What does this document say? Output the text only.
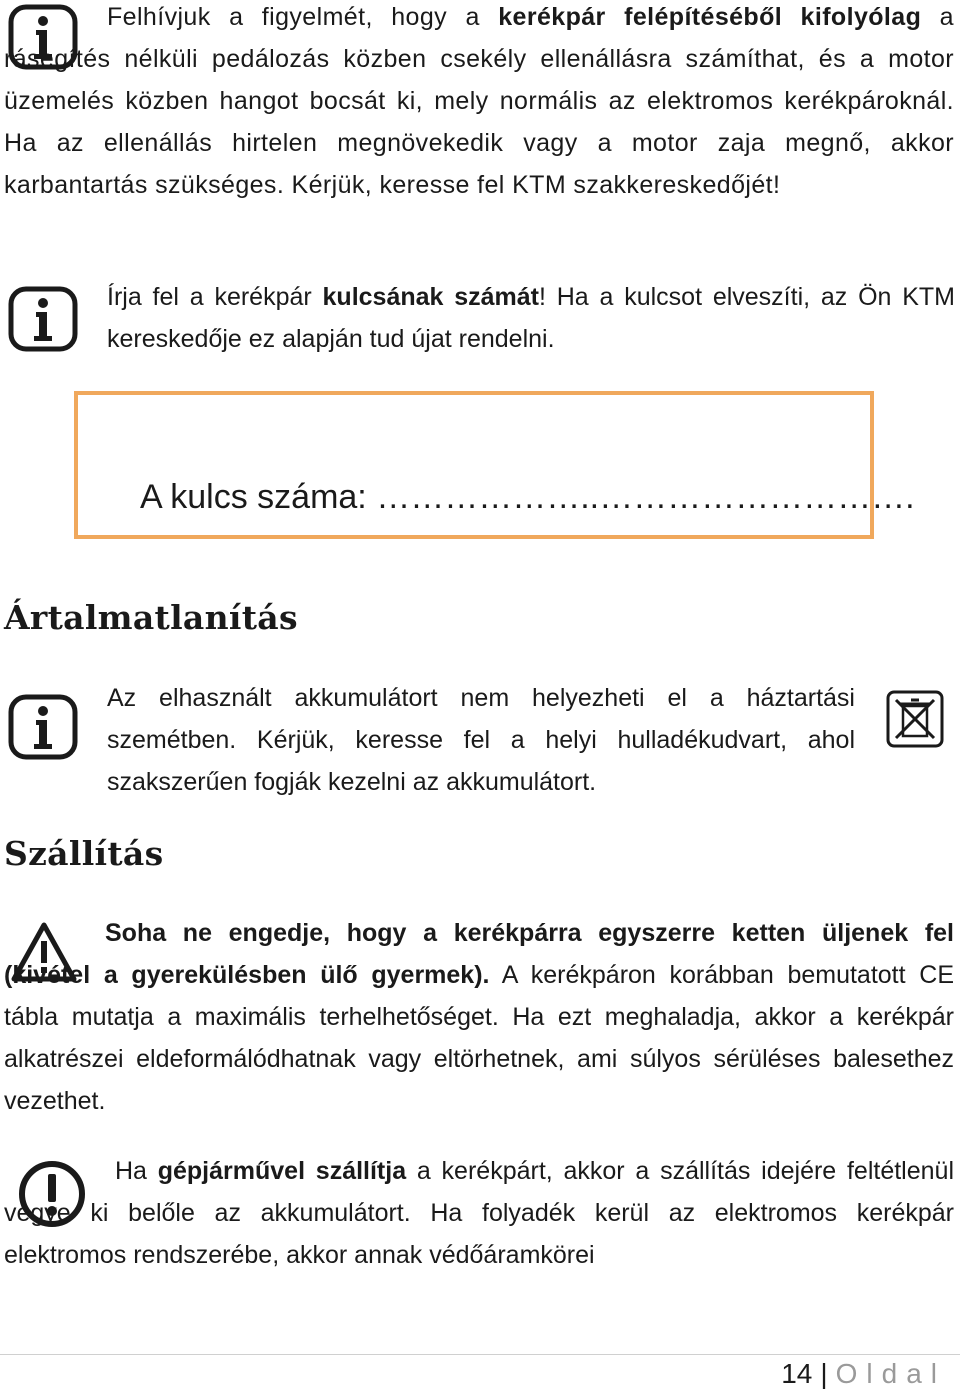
Felhívjuk a figyelmét, hogy a kerékpár felépítéséből kifolyólag a rásegítés nélküli pedálozás közben csekély ellenállásra számíthat, és a motor üzemelés közben hangot bocsát ki, mely normális az elektromos kerékpároknál. Ha az ellenállás hirtelen megnövekedik vagy a motor zaja megnő, akkor karbantartás szükséges. Kérjük, keresse fel KTM szakkereskedőjét!

Írja fel a kerékpár kulcsának számát! Ha a kulcsot elveszíti, az Ön KTM kereskedője ez alapján tud újat rendelni.

A kulcs száma: ………………..……………………….
Ártalmatlanítás

Az elhasznált akkumulátort nem helyezheti el a háztartási szemétben. Kérjük, keresse fel a helyi hulladékudvart, ahol szakszerűen fogják kezelni az akkumulátort.

Szállítás

Soha ne engedje, hogy a kerékpárra egyszerre ketten üljenek fel (kivétel a gyerekülésben ülő gyermek). A kerékpáron korábban bemutatott CE tábla mutatja a maximális terhelhetőséget. Ha ezt meghaladja, akkor a kerékpár alkatrészei eldeformálódhatnak vagy eltörhetnek, ami súlyos sérüléses balesethez vezethet.

Ha gépjárművel szállítja a kerékpárt, akkor a szállítás idejére feltétlenül vegye ki belőle az akkumulátort. Ha folyadék kerül az elektromos kerékpár elektromos rendszerébe, akkor annak védőáramkörei

14 | Oldal
